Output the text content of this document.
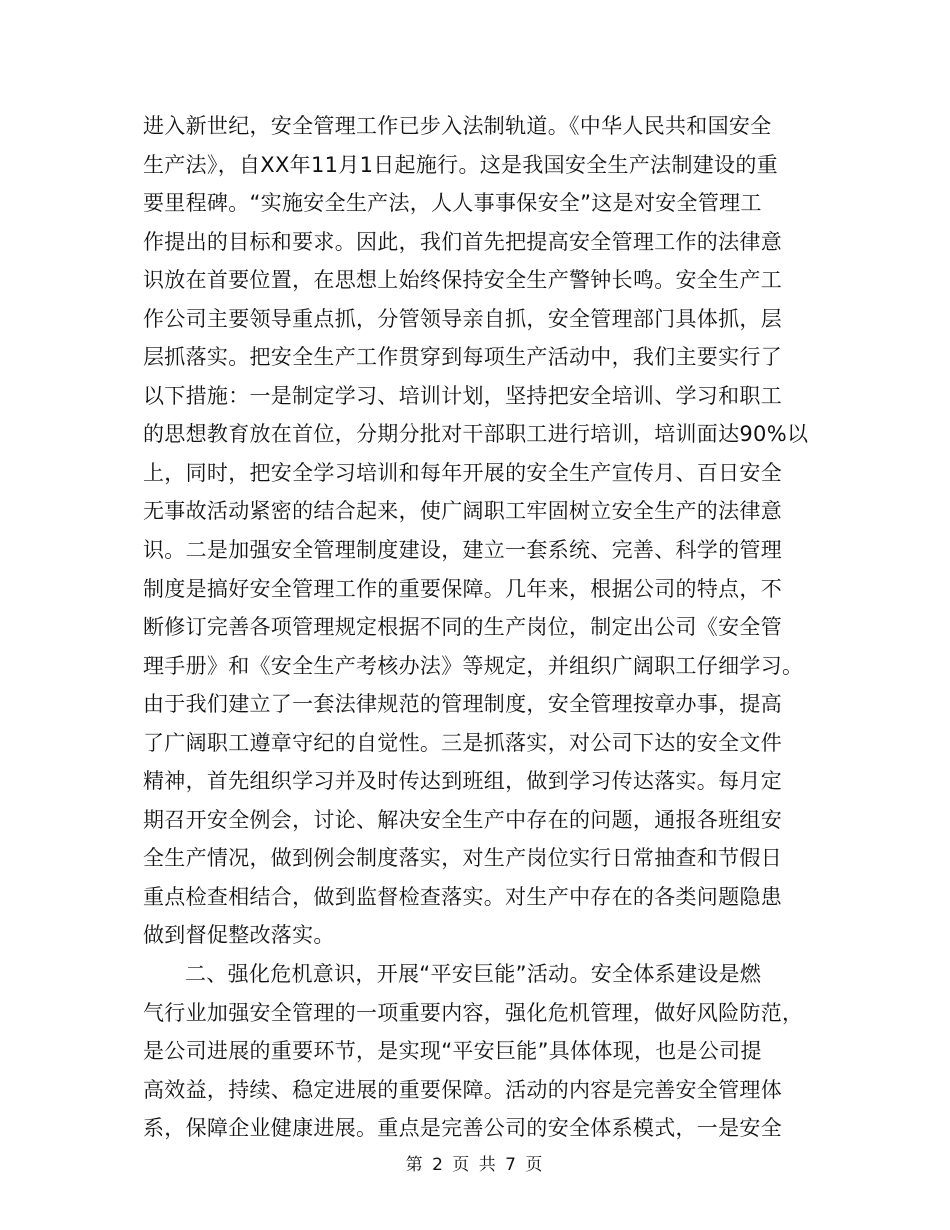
进入新世纪，安全管理工作已步入法制轨道。《中华人民共和国安全
生产法》，自XX年11月1日起施行。这是我国安全生产法制建设的重
要里程碑。“实施安全生产法，人人事事保安全”这是对安全管理工
作提出的目标和要求。因此，我们首先把提高安全管理工作的法律意
识放在首要位置，在思想上始终保持安全生产警钟长鸣。安全生产工
作公司主要领导重点抓，分管领导亲自抓，安全管理部门具体抓，层
层抓落实。把安全生产工作贯穿到每项生产活动中，我们主要实行了
以下措施：一是制定学习、培训计划，坚持把安全培训、学习和职工
的思想教育放在首位，分期分批对干部职工进行培训，培训面达90%以
上，同时，把安全学习培训和每年开展的安全生产宣传月、百日安全
无事故活动紧密的结合起来，使广阔职工牢固树立安全生产的法律意
识。二是加强安全管理制度建设，建立一套系统、完善、科学的管理
制度是搞好安全管理工作的重要保障。几年来，根据公司的特点，不
断修订完善各项管理规定根据不同的生产岗位，制定出公司《安全管
理手册》和《安全生产考核办法》等规定，并组织广阔职工仔细学习。
由于我们建立了一套法律规范的管理制度，安全管理按章办事，提高
了广阔职工遵章守纪的自觉性。三是抓落实，对公司下达的安全文件
精神，首先组织学习并及时传达到班组，做到学习传达落实。每月定
期召开安全例会，讨论、解决安全生产中存在的问题，通报各班组安
全生产情况，做到例会制度落实，对生产岗位实行日常抽查和节假日
重点检查相结合，做到监督检查落实。对生产中存在的各类问题隐患
做到督促整改落实。
二、强化危机意识，开展“平安巨能”活动。安全体系建设是燃
气行业加强安全管理的一项重要内容，强化危机管理，做好风险防范，
是公司进展的重要环节，是实现“平安巨能”具体体现，也是公司提
高效益，持续、稳定进展的重要保障。活动的内容是完善安全管理体
系，保障企业健康进展。重点是完善公司的安全体系模式，一是安全
第 2 页 共 7 页
